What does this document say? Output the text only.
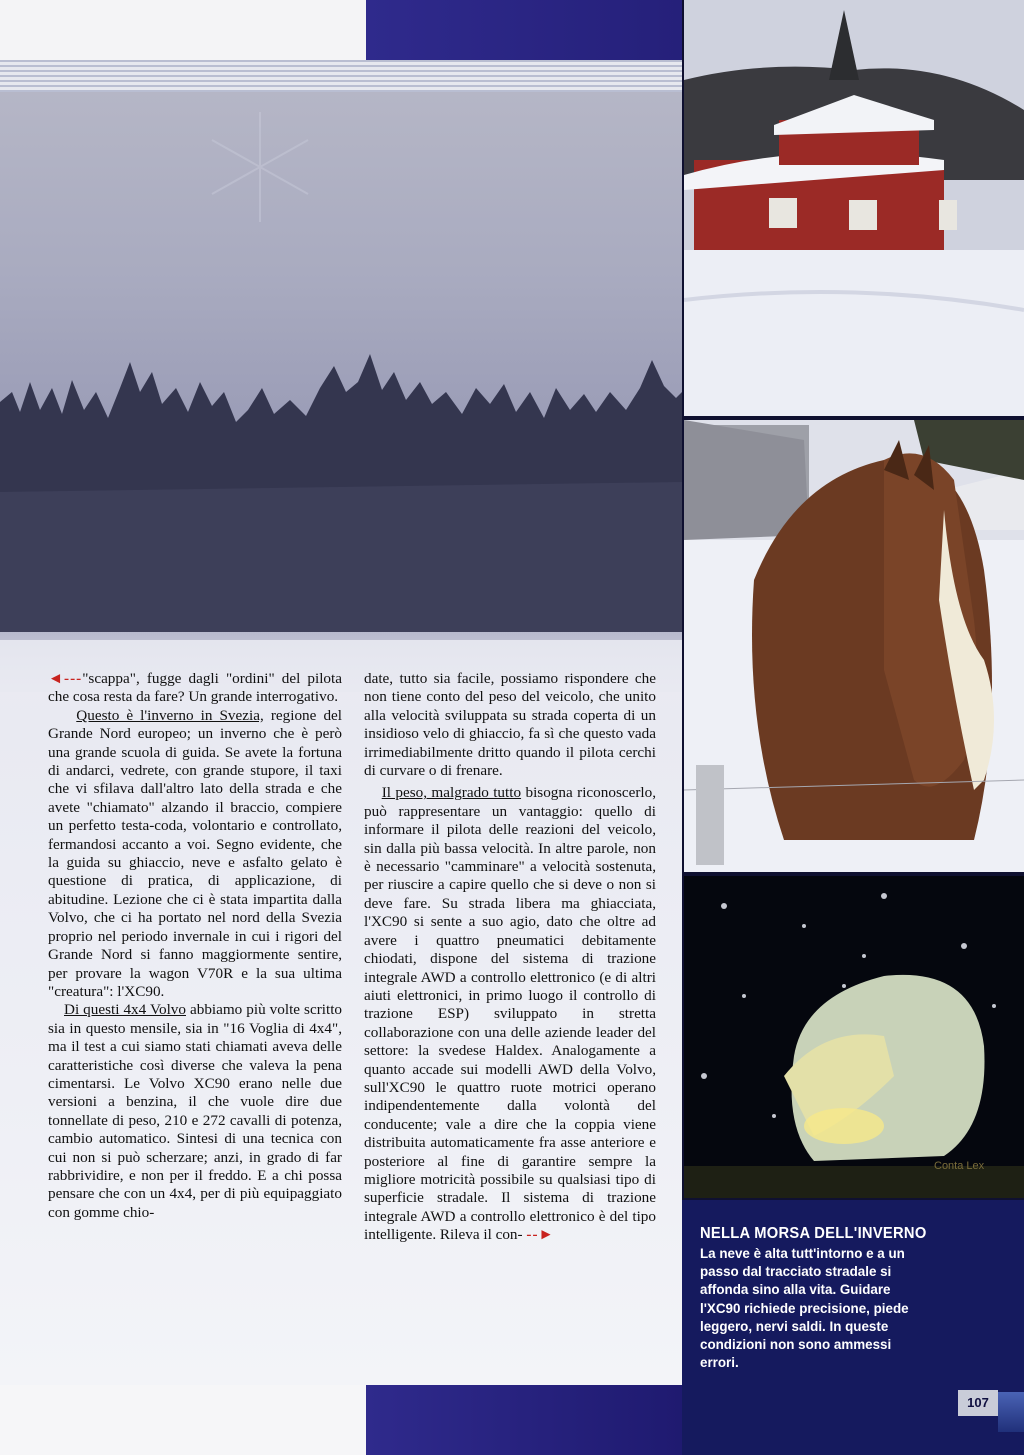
◄---"scappa", fugge dagli "ordini" del pilota che cosa resta da fare? Un grande interrogativo.

Questo è l'inverno in Svezia, regione del Grande Nord europeo; un inverno che è però una grande scuola di guida. Se avete la fortuna di andarci, vedrete, con grande stupore, il taxi che vi sfilava dall'altro lato della strada e che avete "chiamato" alzando il braccio, compiere un perfetto testa-coda, volontario e controllato, fermandosi accanto a voi. Segno evidente, che la guida su ghiaccio, neve e asfalto gelato è questione di pratica, di applicazione, di abitudine. Lezione che ci è stata impartita dalla Volvo, che ci ha portato nel nord della Svezia proprio nel periodo invernale in cui i rigori del Grande Nord si fanno maggiormente sentire, per provare la wagon V70R e la sua ultima "creatura": l'XC90.

Di questi 4x4 Volvo abbiamo più volte scritto sia in questo mensile, sia in "16 Voglia di 4x4", ma il test a cui siamo stati chiamati aveva delle caratteristiche così diverse che valeva la pena cimentarsi. Le Volvo XC90 erano nelle due versioni a benzina, il che vuole dire due tonnellate di peso, 210 e 272 cavalli di potenza, cambio automatico. Sintesi di una tecnica con cui non si può scherzare; anzi, in grado di far rabbrividire, e non per il freddo. E a chi possa pensare che con un 4x4, per di più equipaggiato con gomme chio-

date, tutto sia facile, possiamo rispondere che non tiene conto del peso del veicolo, che unito alla velocità sviluppata su strada coperta di un insidioso velo di ghiaccio, fa sì che questo vada irrimediabilmente dritto quando il pilota cerchi di curvare o di frenare.

Il peso, malgrado tutto bisogna riconoscerlo, può rappresentare un vantaggio: quello di informare il pilota delle reazioni del veicolo, sin dalla più bassa velocità. In altre parole, non è necessario "camminare" a velocità sostenuta, per riuscire a capire quello che si deve o non si deve fare. Su strada libera ma ghiacciata, l'XC90 si sente a suo agio, dato che oltre ad avere i quattro pneumatici debitamente chiodati, dispone del sistema di trazione integrale AWD a controllo elettronico (e di altri aiuti elettronici, in primo luogo il controllo di trazione ESP) sviluppato in stretta collaborazione con una delle aziende leader del settore: la svedese Haldex. Analogamente a quanto accade sui modelli AWD della Volvo, sull'XC90 le quattro ruote motrici operano indipendentemente dalla volontà del conducente; vale a dire che la coppia viene distribuita automaticamente fra asse anteriore e posteriore al fine di garantire sempre la migliore motricità possibile su qualsiasi tipo di superficie stradale. Il sistema di trazione integrale AWD a controllo elettronico è del tipo intelligente. Rileva il con- --►

Conta Lex
NELLA MORSA DELL'INVERNO
La neve è alta tutt'intorno e a un passo dal tracciato stradale si affonda sino alla vita. Guidare l'XC90 richiede precisione, piede leggero, nervi saldi. In queste condizioni non sono ammessi errori.
107
